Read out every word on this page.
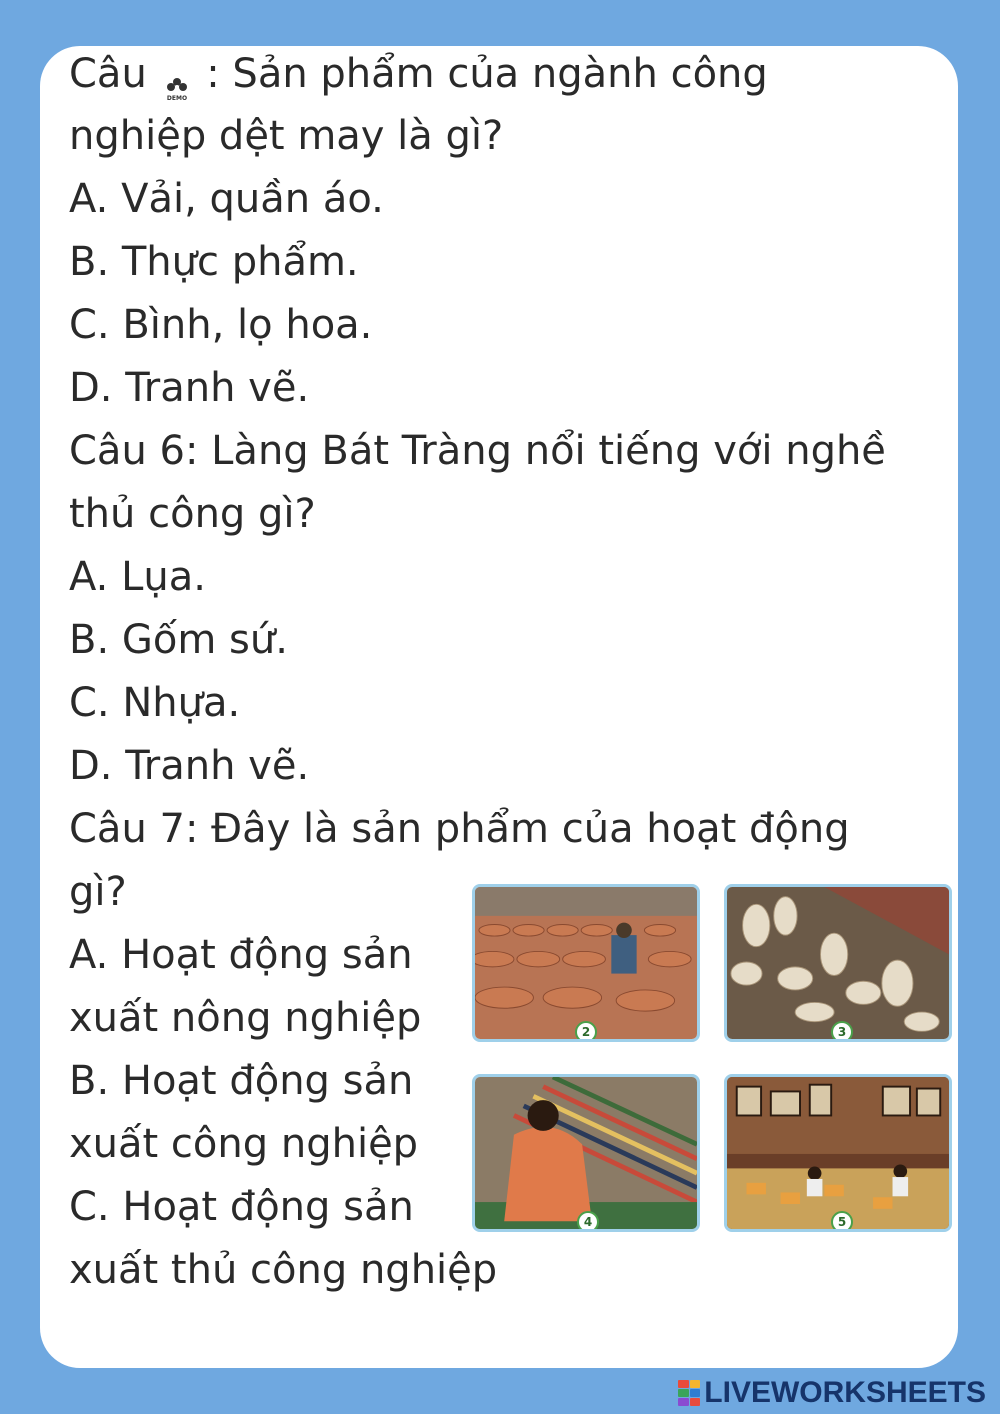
Câu
DEMO
: Sản phẩm của ngành công
nghiệp dệt may là gì?
A. Vải, quần áo.
B. Thực phẩm.
C. Bình, lọ hoa.
D. Tranh vẽ.
Câu 6: Làng Bát Tràng nổi tiếng với nghề
thủ công gì?
A. Lụa.
B. Gốm sứ.
C. Nhựa.
D. Tranh vẽ.
Câu 7: Đây là sản phẩm của hoạt động
gì?
A. Hoạt động sản
xuất nông nghiệp
B. Hoạt động sản
xuất công nghiệp
C. Hoạt động sản
xuất thủ công nghiệp
2	3
4	5
LIVEWORKSHEETS
